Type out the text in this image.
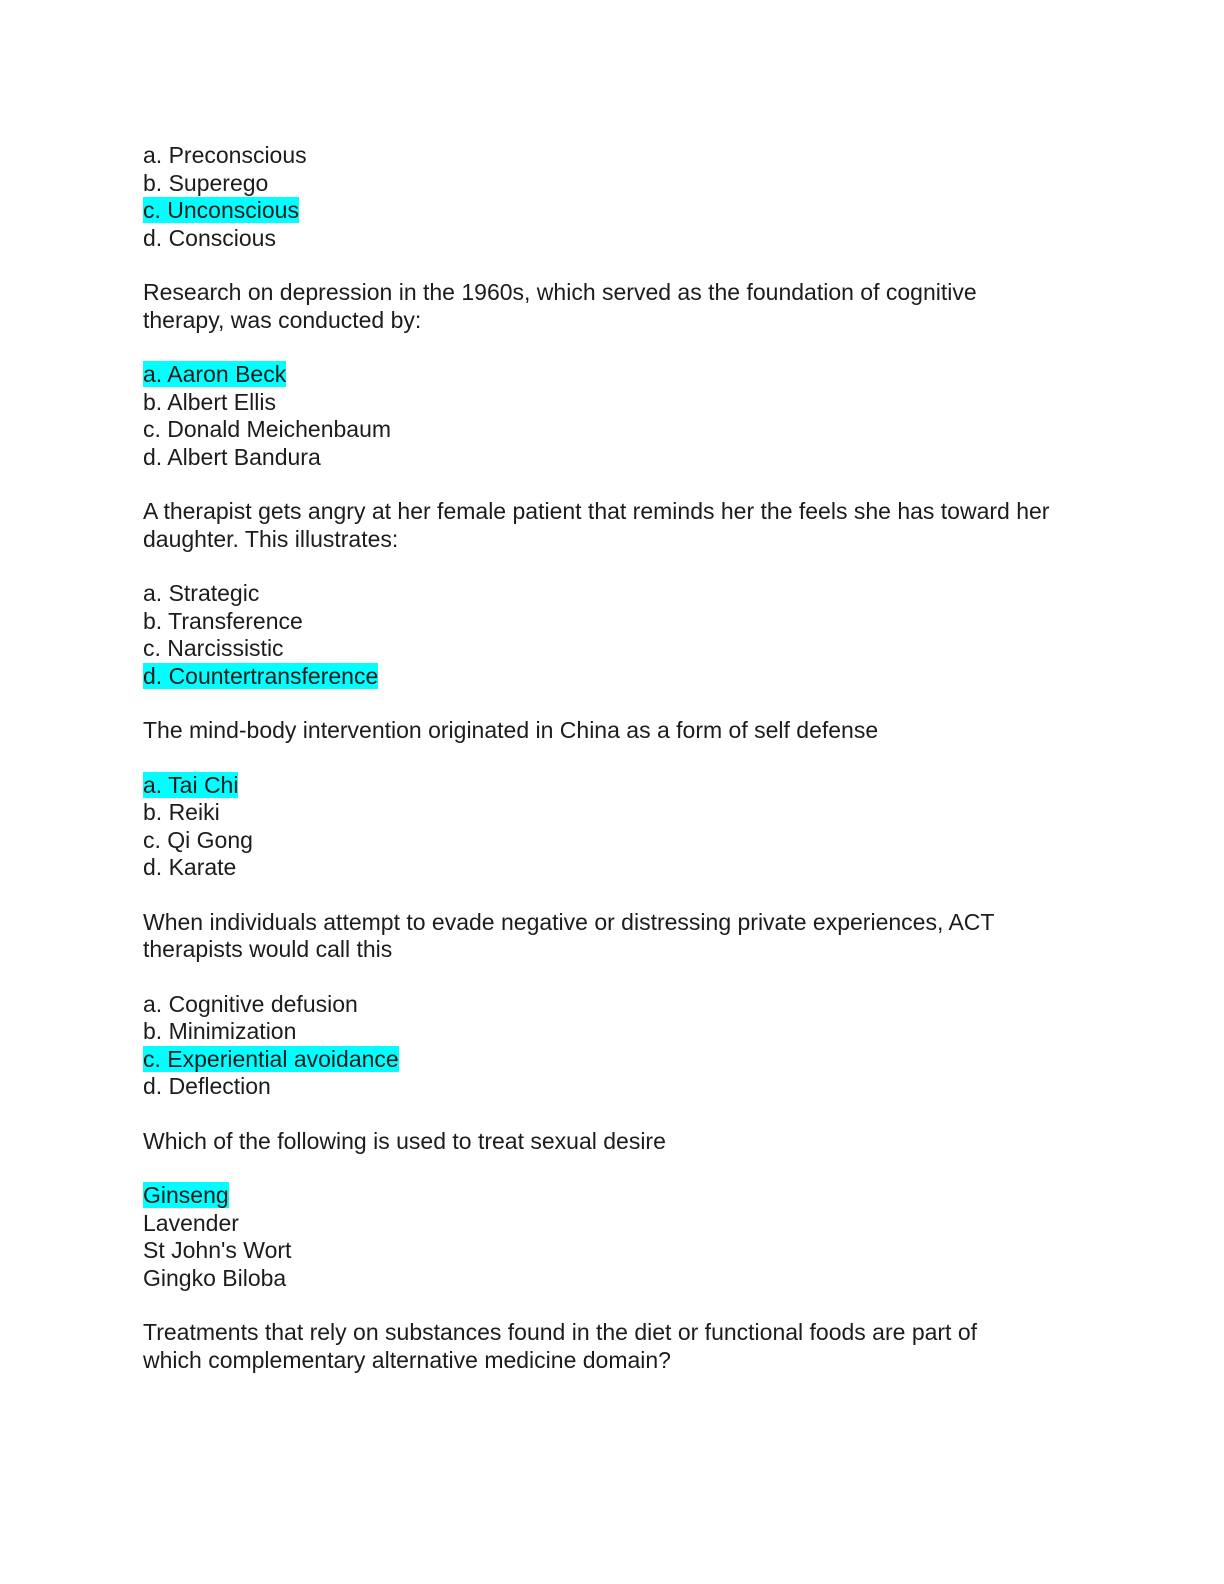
a. Preconscious
b. Superego
c. Unconscious
d. Conscious

Research on depression in the 1960s, which served as the foundation of cognitive therapy, was conducted by:

a. Aaron Beck
b. Albert Ellis
c. Donald Meichenbaum
d. Albert Bandura

A therapist gets angry at her female patient that reminds her the feels she has toward her daughter. This illustrates:

a. Strategic
b. Transference
c. Narcissistic
d. Countertransference

The mind-body intervention originated in China as a form of self defense

a. Tai Chi
b. Reiki
c. Qi Gong
d. Karate

When individuals attempt to evade negative or distressing private experiences, ACT therapists would call this

a. Cognitive defusion
b. Minimization
c. Experiential avoidance
d. Deflection

Which of the following is used to treat sexual desire

Ginseng
Lavender
St John's Wort
Gingko Biloba

Treatments that rely on substances found in the diet or functional foods are part of which complementary alternative medicine domain?
